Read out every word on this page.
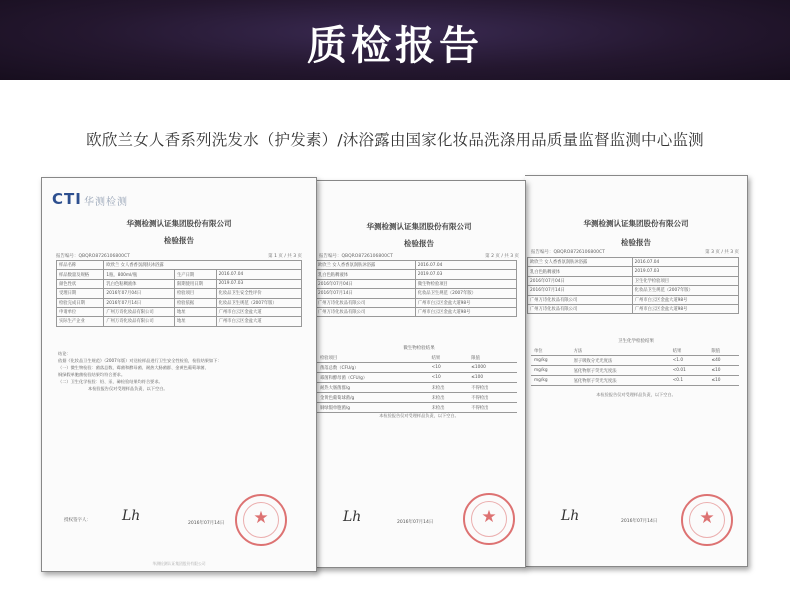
质检报告
欧欣兰女人香系列洗发水（护发素）/沐浴露由国家化妆品洗涤用品质量监督监测中心监测
CTI 华测检测
华测检测认证集团股份有限公司
检验报告
报告编号：QBQRO8726106800CT	第 1 页 / 共 3 页
样品名称	欧欣兰 女人香香氛润肤沐浴露		
样品数量及规格	1瓶，800ml/瓶	生产日期	2016.07.04
颜色性状	乳白色粘稠液体	限期使用日期	2019.07.03
受理日期	2016年07月04日	检验项目	化妆品卫生安全性评价
检验完成日期	2016年07月14日	检验依据	化妆品卫生规范（2007年版）
申请单位	广州万诗化妆品有限公司	地址	广州市白云区金盆大道
实际生产企业	广州万诗化妆品有限公司	地址	广州市白云区金盆大道
结论：
依据《化妆品卫生规范》（2007年版）对送检样品进行卫生安全性检验，检验结果如下：
（一）微生物检验：菌落总数、霉菌和酵母菌、耐热大肠菌群、金黄色葡萄球菌、
铜绿假单胞菌检验结果均符合要求。
（二）卫生化学检验：铅、汞、砷检验结果均符合要求。
本检验报告仅对受理样品负责，以下空白。
授权签字人： Lh	2016年07月14日	★
华测检测认证集团股份有限公司
华测检测认证集团股份有限公司
检验报告
报告编号：QBQRO8726106800CT	第 2 页 / 共 3 页
欧欣兰 女人香香氛润肤沐浴露	2016.07.04
乳白色粘稠液体	2019.07.03
2016年07月04日	微生物检验项目
2016年07月14日	化妆品卫生规范（2007年版）
广州万诗化妆品有限公司	广州市白云区金盆大道98号
广州万诗化妆品有限公司	广州市白云区金盆大道98号
微生物检验结果
检验项目	结果	限值
菌落总数（CFU/g）	<10	≤1000
霉菌和酵母菌（CFU/g）	<10	≤100
耐热大肠菌群/g	未检出	不得检出
金黄色葡萄球菌/g	未检出	不得检出
铜绿假单胞菌/g	未检出	不得检出
本检验报告仅对受理样品负责，以下空白。
Lh	2016年07月14日	★
华测检测认证集团股份有限公司
检验报告
报告编号：QBQRO8726106800CT	第 3 页 / 共 3 页
欧欣兰 女人香香氛润肤沐浴露	2016.07.04
乳白色粘稠液体	2019.07.03
2016年07月04日	卫生化学检验项目
2016年07月14日	化妆品卫生规范（2007年版）
广州万诗化妆品有限公司	广州市白云区金盆大道98号
广州万诗化妆品有限公司	广州市白云区金盆大道98号
卫生化学检验结果
单位	方法	结果	限值
mg/kg	原子吸收分光光度法	<1.0	≤40
mg/kg	氢化物原子荧光光度法	<0.01	≤10
mg/kg	氢化物原子荧光光度法	<0.1	≤10
本检验报告仅对受理样品负责，以下空白。
Lh	2016年07月14日	★
